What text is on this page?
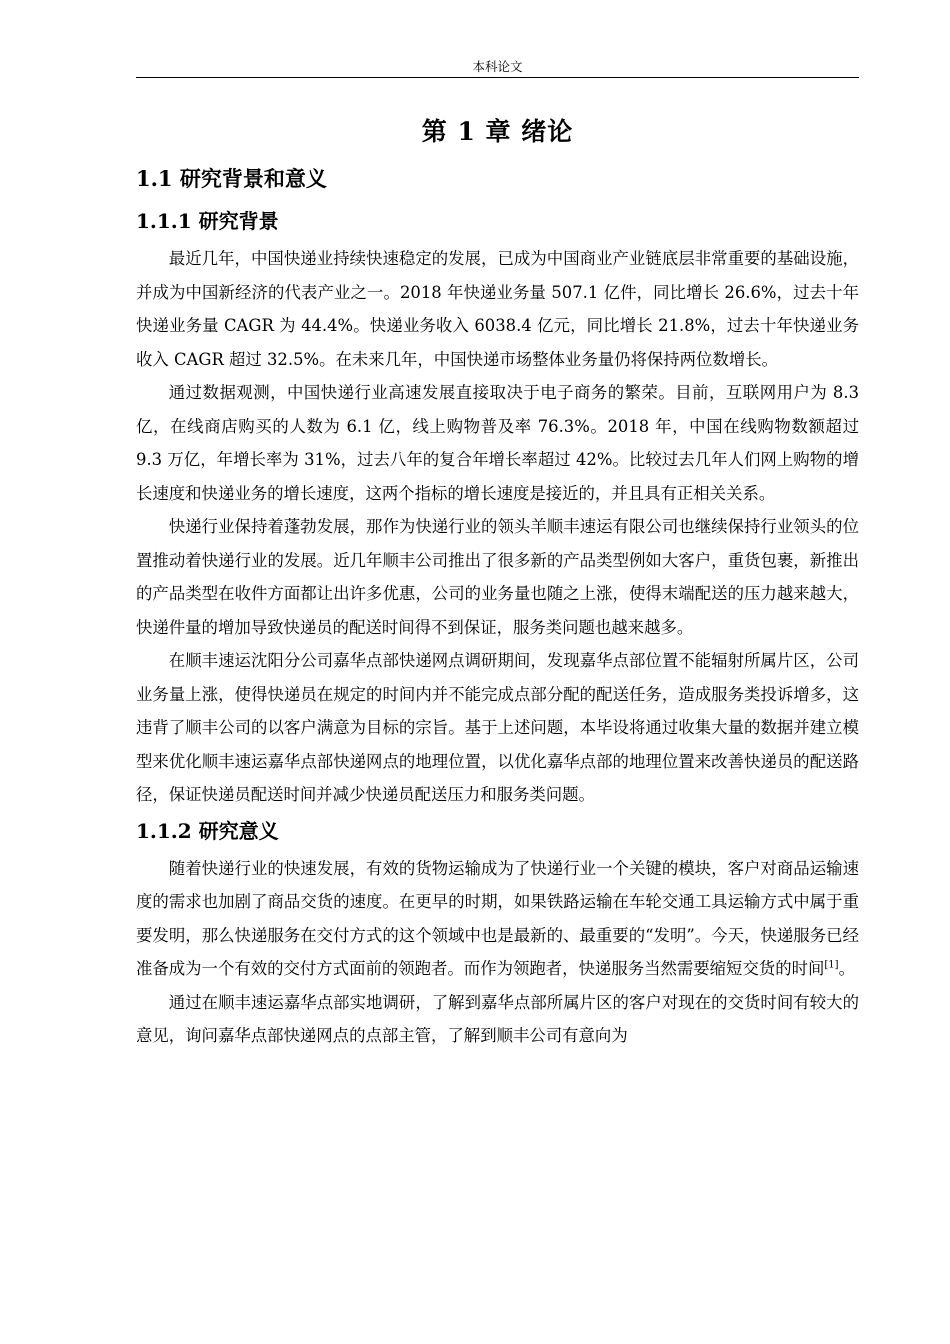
本科论文
第 1 章 绪论
1.1 研究背景和意义
1.1.1 研究背景

最近几年，中国快递业持续快速稳定的发展，已成为中国商业产业链底层非常重要的基础设施，并成为中国新经济的代表产业之一。2018 年快递业务量 507.1 亿件，同比增长 26.6%，过去十年快递业务量 CAGR 为 44.4%。快递业务收入 6038.4 亿元，同比增长 21.8%，过去十年快递业务收入 CAGR 超过 32.5%。在未来几年，中国快递市场整体业务量仍将保持两位数增长。

通过数据观测，中国快递行业高速发展直接取决于电子商务的繁荣。目前，互联网用户为 8.3 亿，在线商店购买的人数为 6.1 亿，线上购物普及率 76.3%。2018 年，中国在线购物数额超过 9.3 万亿，年增长率为 31%，过去八年的复合年增长率超过 42%。比较过去几年人们网上购物的增长速度和快递业务的增长速度，这两个指标的增长速度是接近的，并且具有正相关关系。

快递行业保持着蓬勃发展，那作为快递行业的领头羊顺丰速运有限公司也继续保持行业领头的位置推动着快递行业的发展。近几年顺丰公司推出了很多新的产品类型例如大客户，重货包裹，新推出的产品类型在收件方面都让出许多优惠，公司的业务量也随之上涨，使得末端配送的压力越来越大，快递件量的增加导致快递员的配送时间得不到保证，服务类问题也越来越多。

在顺丰速运沈阳分公司嘉华点部快递网点调研期间，发现嘉华点部位置不能辐射所属片区，公司业务量上涨，使得快递员在规定的时间内并不能完成点部分配的配送任务，造成服务类投诉增多，这违背了顺丰公司的以客户满意为目标的宗旨。基于上述问题，本毕设将通过收集大量的数据并建立模型来优化顺丰速运嘉华点部快递网点的地理位置，以优化嘉华点部的地理位置来改善快递员的配送路径，保证快递员配送时间并减少快递员配送压力和服务类问题。

1.1.2 研究意义

随着快递行业的快速发展，有效的货物运输成为了快递行业一个关键的模块，客户对商品运输速度的需求也加剧了商品交货的速度。在更早的时期，如果铁路运输在车轮交通工具运输方式中属于重要发明，那么快递服务在交付方式的这个领域中也是最新的、最重要的“发明”。今天，快递服务已经准备成为一个有效的交付方式面前的领跑者。而作为领跑者，快递服务当然需要缩短交货的时间[1]。

通过在顺丰速运嘉华点部实地调研，了解到嘉华点部所属片区的客户对现在的交货时间有较大的意见，询问嘉华点部快递网点的点部主管，了解到顺丰公司有意向为
